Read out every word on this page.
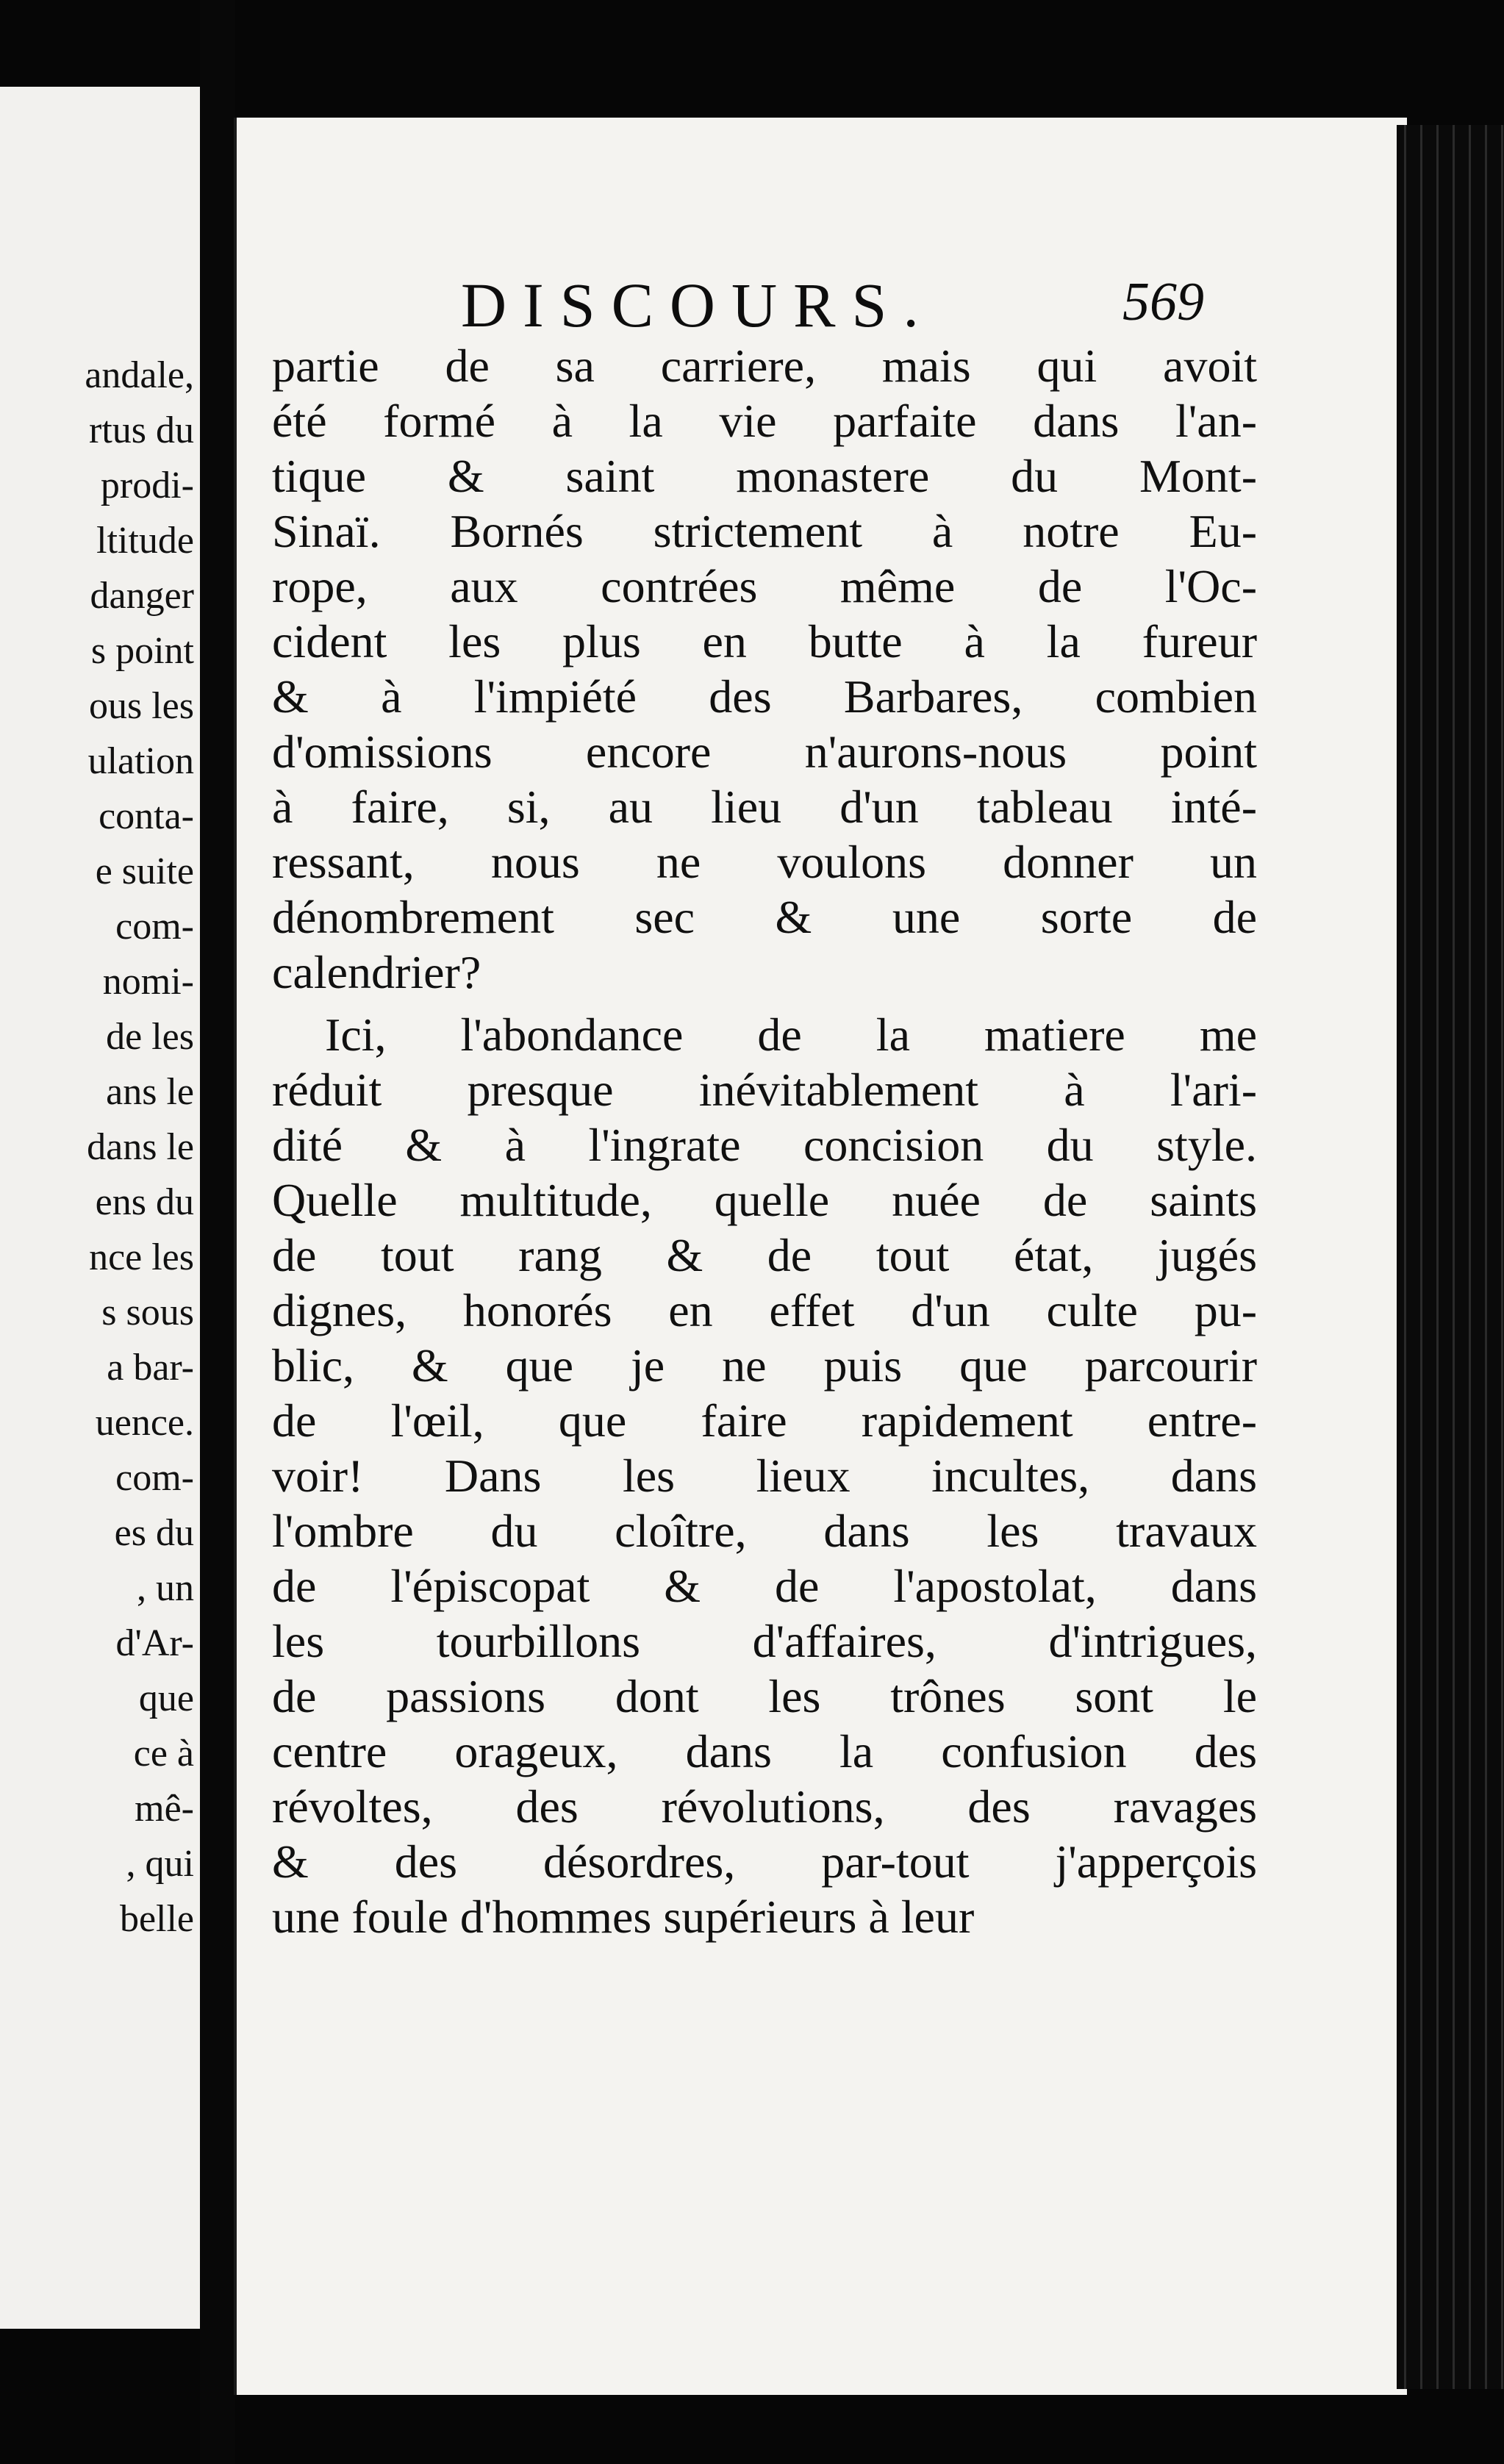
andale,
rtus du
prodi-
ltitude
danger
s point
ous les
ulation
conta-
e suite
com-
nomi-
de les
ans le
dans le
ens du
nce les
s sous
a bar-
uence.
com-
es du
, un
d'Ar-
que
ce à
mê-
, qui
belle
DISCOURS.	569
partie de sa carriere, mais qui avoit
été formé à la vie parfaite dans l'an-
tique & saint monastere du Mont-
Sinaï. Bornés strictement à notre Eu-
rope, aux contrées même de l'Oc-
cident les plus en butte à la fureur
& à l'impiété des Barbares, combien
d'omissions encore n'aurons-nous point
à faire, si, au lieu d'un tableau inté-
ressant, nous ne voulons donner un
dénombrement sec & une sorte de
calendrier?
Ici, l'abondance de la matiere me
réduit presque inévitablement à l'ari-
dité & à l'ingrate concision du style.
Quelle multitude, quelle nuée de saints
de tout rang & de tout état, jugés
dignes, honorés en effet d'un culte pu-
blic, & que je ne puis que parcourir
de l'œil, que faire rapidement entre-
voir! Dans les lieux incultes, dans
l'ombre du cloître, dans les travaux
de l'épiscopat & de l'apostolat, dans
les tourbillons d'affaires, d'intrigues,
de passions dont les trônes sont le
centre orageux, dans la confusion des
révoltes, des révolutions, des ravages
& des désordres, par-tout j'apperçois
une foule d'hommes supérieurs à leur
